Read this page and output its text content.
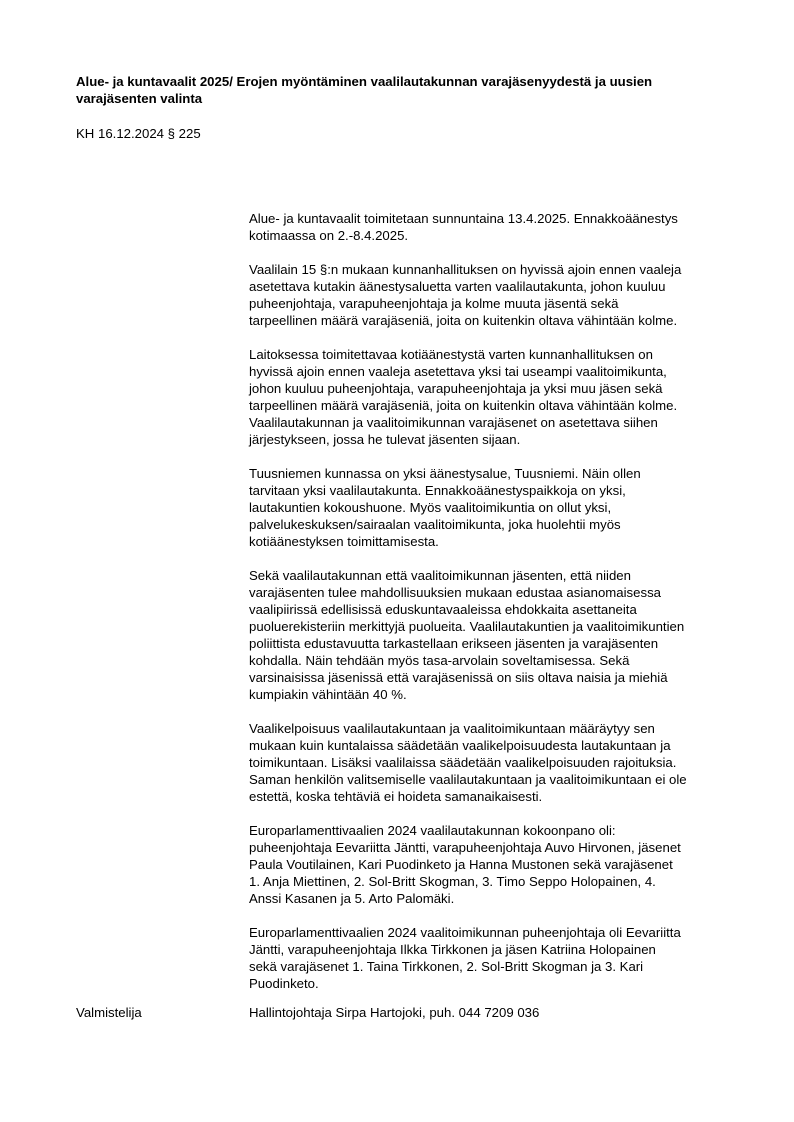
Alue- ja kuntavaalit 2025/ Erojen myöntäminen vaalilautakunnan varajäsenyydestä ja uusien
varajäsenten valinta
KH 16.12.2024 § 225

Alue- ja kuntavaalit toimitetaan sunnuntaina 13.4.2025. Ennakkoäänestys
kotimaassa on 2.-8.4.2025.

Vaalilain 15 §:n mukaan kunnanhallituksen on hyvissä ajoin ennen vaaleja
asetettava kutakin äänestysaluetta varten vaalilautakunta, johon kuuluu
puheenjohtaja, varapuheenjohtaja ja kolme muuta jäsentä sekä
tarpeellinen määrä varajäseniä, joita on kuitenkin oltava vähintään kolme.

Laitoksessa toimitettavaa kotiäänestystä varten kunnanhallituksen on
hyvissä ajoin ennen vaaleja asetettava yksi tai useampi vaalitoimikunta,
johon kuuluu puheenjohtaja, varapuheenjohtaja ja yksi muu jäsen sekä
tarpeellinen määrä varajäseniä, joita on kuitenkin oltava vähintään kolme.
Vaalilautakunnan ja vaalitoimikunnan varajäsenet on asetettava siihen
järjestykseen, jossa he tulevat jäsenten sijaan.

Tuusniemen kunnassa on yksi äänestysalue, Tuusniemi. Näin ollen
tarvitaan yksi vaalilautakunta. Ennakkoäänestyspaikkoja on yksi,
lautakuntien kokoushuone. Myös vaalitoimikuntia on ollut yksi,
palvelukeskuksen/sairaalan vaalitoimikunta, joka huolehtii myös
kotiäänestyksen toimittamisesta.

Sekä vaalilautakunnan että vaalitoimikunnan jäsenten, että niiden
varajäsenten tulee mahdollisuuksien mukaan edustaa asianomaisessa
vaalipiirissä edellisissä eduskuntavaaleissa ehdokkaita asettaneita
puoluerekisteriin merkittyjä puolueita. Vaalilautakuntien ja vaalitoimikuntien
poliittista edustavuutta tarkastellaan erikseen jäsenten ja varajäsenten
kohdalla. Näin tehdään myös tasa-arvolain soveltamisessa. Sekä
varsinaisissa jäsenissä että varajäsenissä on siis oltava naisia ja miehiä
kumpiakin vähintään 40 %.

Vaalikelpoisuus vaalilautakuntaan ja vaalitoimikuntaan määräytyy sen
mukaan kuin kuntalaissa säädetään vaalikelpoisuudesta lautakuntaan ja
toimikuntaan. Lisäksi vaalilaissa säädetään vaalikelpoisuuden rajoituksia.
Saman henkilön valitsemiselle vaalilautakuntaan ja vaalitoimikuntaan ei ole
estettä, koska tehtäviä ei hoideta samanaikaisesti.

Europarlamenttivaalien 2024 vaalilautakunnan kokoonpano oli:
puheenjohtaja Eevariitta Jäntti, varapuheenjohtaja Auvo Hirvonen, jäsenet
Paula Voutilainen, Kari Puodinketo ja Hanna Mustonen sekä varajäsenet
1. Anja Miettinen, 2. Sol-Britt Skogman, 3. Timo Seppo Holopainen, 4.
Anssi Kasanen ja 5. Arto Palomäki.

Europarlamenttivaalien 2024 vaalitoimikunnan puheenjohtaja oli Eevariitta
Jäntti, varapuheenjohtaja Ilkka Tirkkonen ja jäsen Katriina Holopainen
sekä varajäsenet 1. Taina Tirkkonen, 2. Sol-Britt Skogman ja 3. Kari
Puodinketo.

Valmistelija	Hallintojohtaja Sirpa Hartojoki, puh. 044 7209 036
